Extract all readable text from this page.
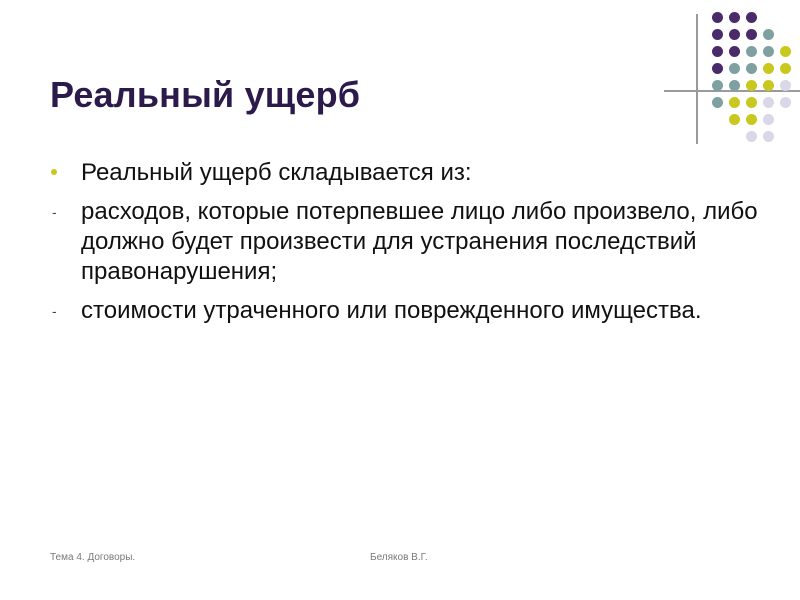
Реальный ущерб
Реальный ущерб складывается из:
- расходов, которые потерпевшее лицо либо произвело, либо должно будет произвести для устранения последствий правонарушения;
- стоимости утраченного или поврежденного имущества.
Тема 4. Договоры.	Беляков В.Г.
